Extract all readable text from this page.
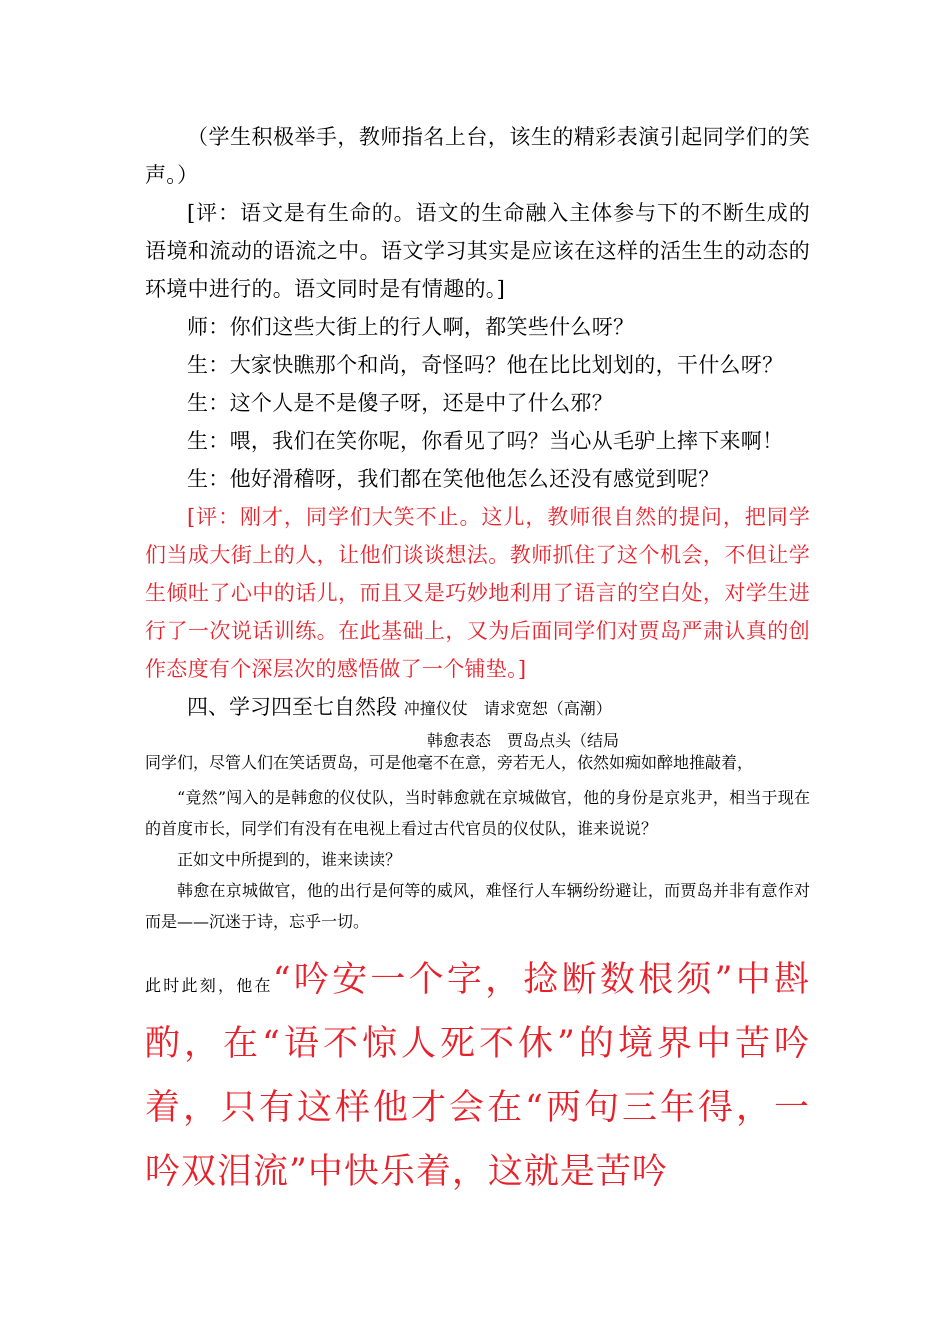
（学生积极举手，教师指名上台，该生的精彩表演引起同学们的笑声。）

[评：语文是有生命的。语文的生命融入主体参与下的不断生成的语境和流动的语流之中。语文学习其实是应该在这样的活生生的动态的环境中进行的。语文同时是有情趣的。]

师：你们这些大街上的行人啊，都笑些什么呀？

生：大家快瞧那个和尚，奇怪吗？他在比比划划的，干什么呀？

生：这个人是不是傻子呀，还是中了什么邪？

生：喂，我们在笑你呢，你看见了吗？当心从毛驴上摔下来啊！

生：他好滑稽呀，我们都在笑他他怎么还没有感觉到呢？

[评：刚才，同学们大笑不止。这儿，教师很自然的提问，把同学们当成大街上的人，让他们谈谈想法。教师抓住了这个机会，不但让学生倾吐了心中的话儿，而且又是巧妙地利用了语言的空白处，对学生进行了一次说话训练。在此基础上，又为后面同学们对贾岛严肃认真的创作态度有个深层次的感悟做了一个铺垫。]

四、学习四至七自然段 冲撞仪仗　请求宽恕（高潮）
韩愈表态　贾岛点头（结局

同学们，尽管人们在笑话贾岛，可是他毫不在意，旁若无人，依然如痴如醉地推敲着，

“竟然”闯入的是韩愈的仪仗队，当时韩愈就在京城做官，他的身份是京兆尹，相当于现在的首度市长，同学们有没有在电视上看过古代官员的仪仗队，谁来说说？

正如文中所提到的，谁来读读？

韩愈在京城做官，他的出行是何等的威风，难怪行人车辆纷纷避让，而贾岛并非有意作对而是——沉迷于诗，忘乎一切。

此时此刻，他在“吟安一个字，捻断数根须”中斟酌，在“语不惊人死不休”的境界中苦吟着，只有这样他才会在“两句三年得，一吟双泪流”中快乐着，这就是苦吟
